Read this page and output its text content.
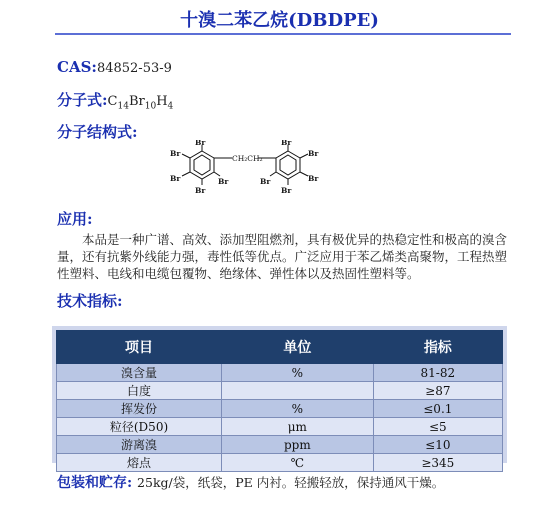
十溴二苯乙烷(DBDPE)
CAS:84852-53-9
分子式$:C_{14}Br_{10}H_4$
分子结构式:
CH₂CH₂
Br
Br
Br
Br
Br
Br
Br
Br
Br
Br
应用:
本品是一种广谱、高效、添加型阻燃剂，具有极优异的热稳定性和极高的溴含量，还有抗紫外线能力强，毒性低等优点。广泛应用于苯乙烯类高聚物，工程热塑性塑料、电线和电缆包覆物、绝缘体、弹性体以及热固性塑料等。
技术指标:
项目	单位	指标
溴含量	%	81-82
白度		≥87
挥发份	%	≤0.1
粒径(D50)	μm	≤5
游离溴	ppm	≤10
熔点	℃	≥345
包装和贮存: 25kg/袋，纸袋，PE 内衬。轻搬轻放，保持通风干燥。
